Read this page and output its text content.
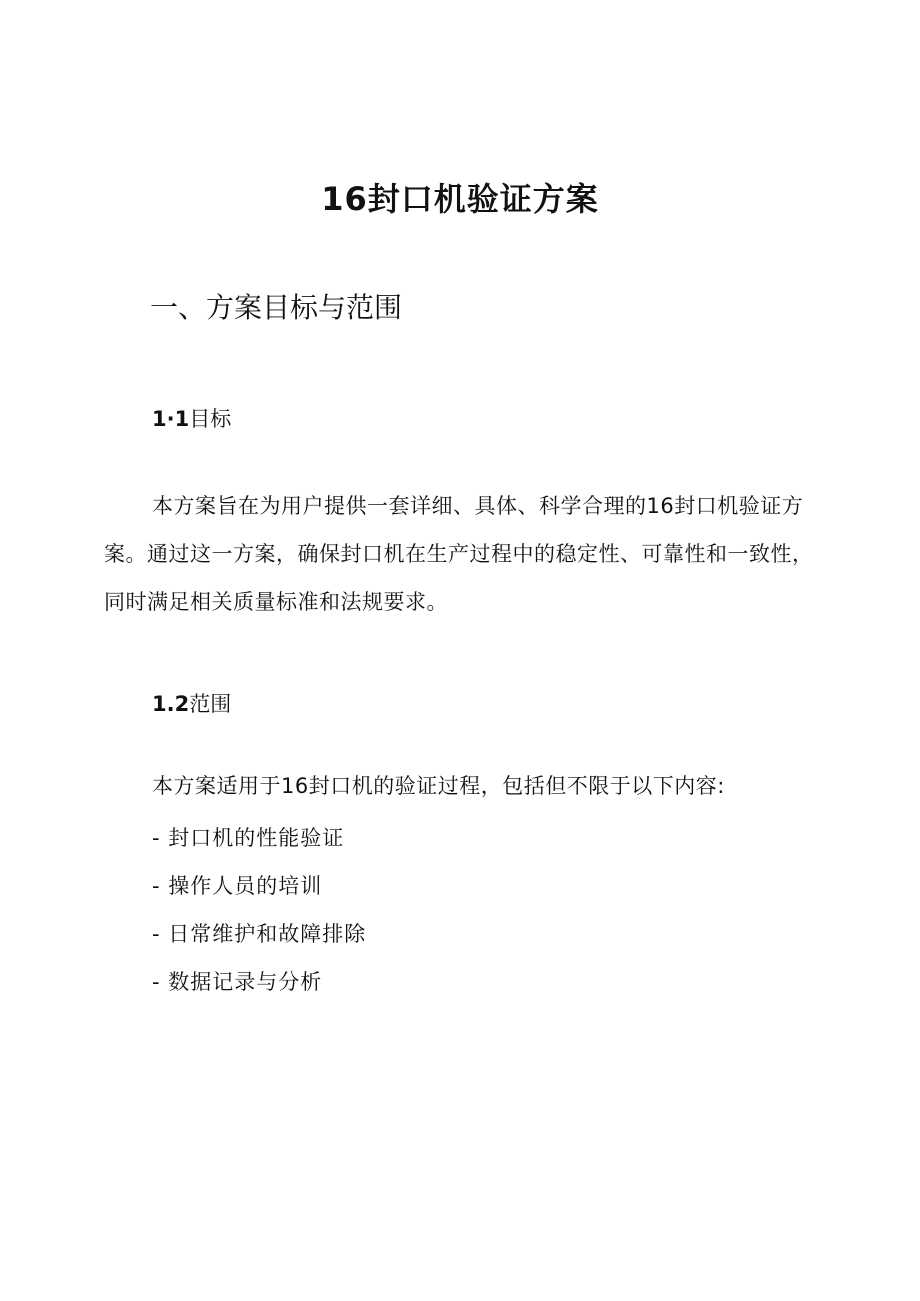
16封口机验证方案
一、方案目标与范围
1·1目标

本方案旨在为用户提供一套详细、具体、科学合理的16封口机验证方案。通过这一方案，确保封口机在生产过程中的稳定性、可靠性和一致性，同时满足相关质量标准和法规要求。

1.2范围
本方案适用于16封口机的验证过程，包括但不限于以下内容:
- 封口机的性能验证
- 操作人员的培训
- 日常维护和故障排除
- 数据记录与分析
